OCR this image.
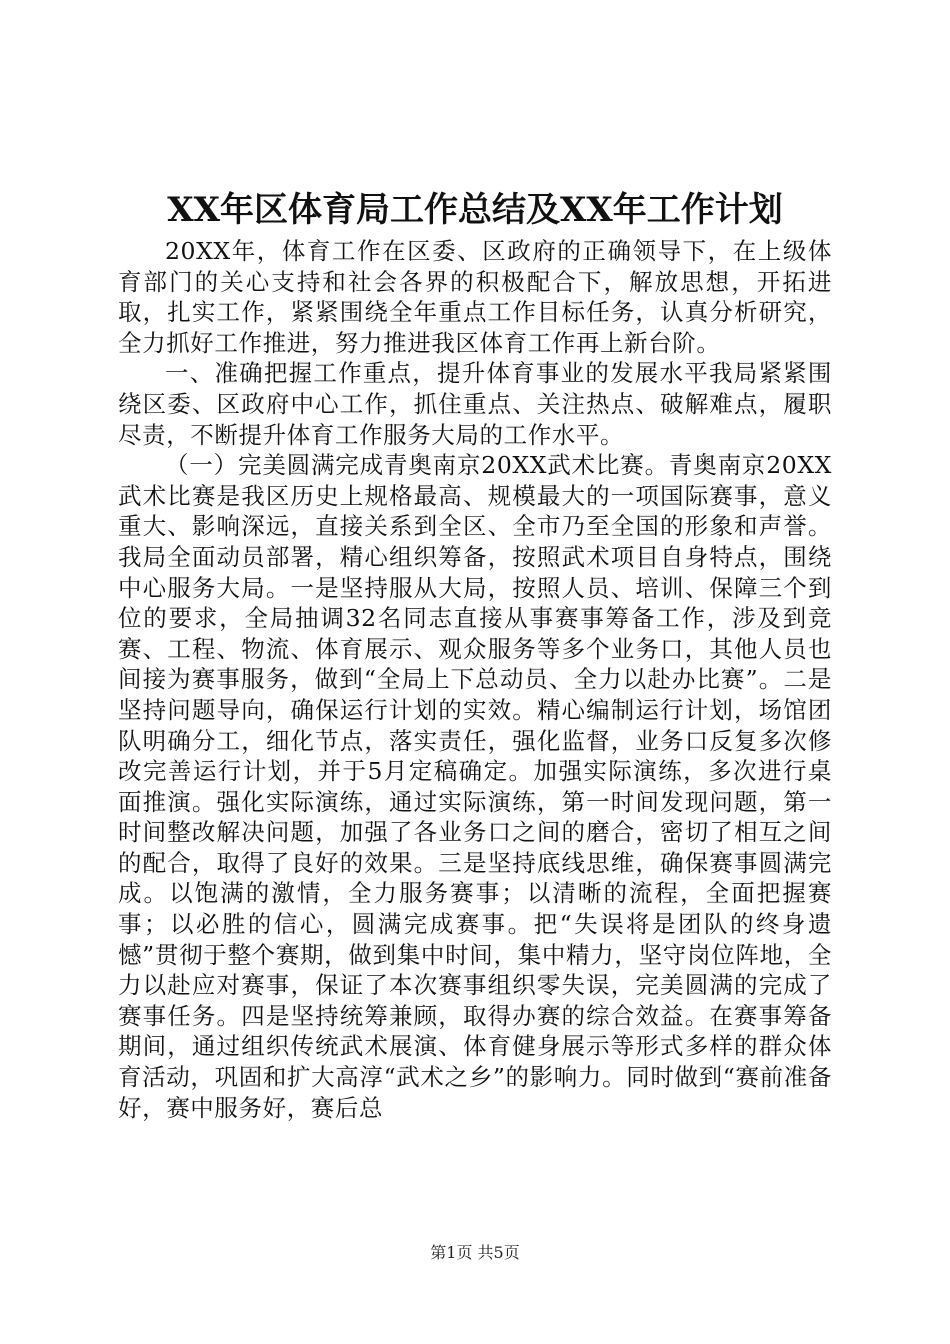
XX年区体育局工作总结及XX年工作计划

20XX年，体育工作在区委、区政府的正确领导下，在上级体育部门的关心支持和社会各界的积极配合下，解放思想，开拓进取，扎实工作，紧紧围绕全年重点工作目标任务，认真分析研究，全力抓好工作推进，努力推进我区体育工作再上新台阶。

一、准确把握工作重点，提升体育事业的发展水平我局紧紧围绕区委、区政府中心工作，抓住重点、关注热点、破解难点，履职尽责，不断提升体育工作服务大局的工作水平。

（一）完美圆满完成青奥南京20XX武术比赛。青奥南京20XX武术比赛是我区历史上规格最高、规模最大的一项国际赛事，意义重大、影响深远，直接关系到全区、全市乃至全国的形象和声誉。我局全面动员部署，精心组织筹备，按照武术项目自身特点，围绕中心服务大局。一是坚持服从大局，按照人员、培训、保障三个到位的要求，全局抽调32名同志直接从事赛事筹备工作，涉及到竞赛、工程、物流、体育展示、观众服务等多个业务口，其他人员也间接为赛事服务，做到“全局上下总动员、全力以赴办比赛”。二是坚持问题导向，确保运行计划的实效。精心编制运行计划，场馆团队明确分工，细化节点，落实责任，强化监督，业务口反复多次修改完善运行计划，并于5月定稿确定。加强实际演练，多次进行桌面推演。强化实际演练，通过实际演练，第一时间发现问题，第一时间整改解决问题，加强了各业务口之间的磨合，密切了相互之间的配合，取得了良好的效果。三是坚持底线思维，确保赛事圆满完成。以饱满的激情，全力服务赛事；以清晰的流程，全面把握赛事；以必胜的信心，圆满完成赛事。把“失误将是团队的终身遗憾”贯彻于整个赛期，做到集中时间，集中精力，坚守岗位阵地，全力以赴应对赛事，保证了本次赛事组织零失误，完美圆满的完成了赛事任务。四是坚持统筹兼顾，取得办赛的综合效益。在赛事筹备期间，通过组织传统武术展演、体育健身展示等形式多样的群众体育活动，巩固和扩大高淳“武术之乡”的影响力。同时做到“赛前准备好，赛中服务好，赛后总

第1页 共5页
